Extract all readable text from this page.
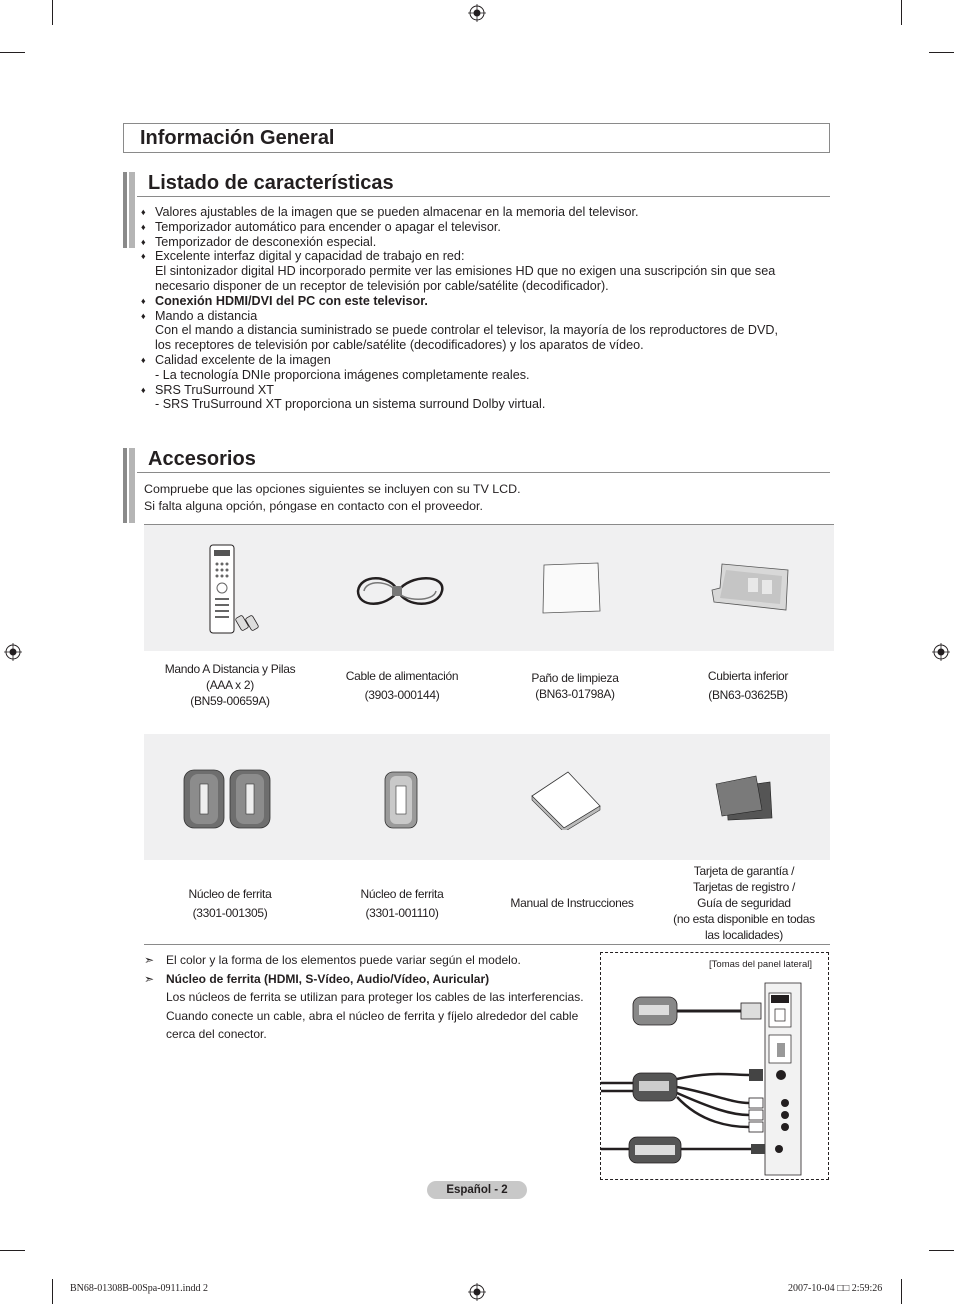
Información General
Listado de características
♦ Valores ajustables de la imagen que se pueden almacenar en la memoria del televisor.
♦ Temporizador automático para encender o apagar el televisor.
♦ Temporizador de desconexión especial.
♦ Excelente interfaz digital y capacidad de trabajo en red:
El sintonizador digital HD incorporado permite ver las emisiones HD que no exigen una suscripción sin que sea
necesario disponer de un receptor de televisión por cable/satélite (decodificador).
♦ Conexión HDMI/DVI del PC con este televisor.
♦ Mando a distancia
Con el mando a distancia suministrado se puede controlar el televisor, la mayoría de los reproductores de DVD,
los receptores de televisión por cable/satélite (decodificadores) y los aparatos de vídeo.
♦ Calidad excelente de la imagen
- La tecnología DNIe proporciona imágenes completamente reales.
♦ SRS TruSurround XT
- SRS TruSurround XT proporciona un sistema surround Dolby virtual.
Accesorios
Compruebe que las opciones siguientes se incluyen con su TV LCD.
Si falta alguna opción, póngase en contacto con el proveedor.
Mando A Distancia y Pilas
(AAA x 2)
(BN59-00659A)
Cable de alimentación
(3903-000144)
Paño de limpieza
(BN63-01798A)
Cubierta inferior
(BN63-03625B)
Núcleo de ferrita
(3301-001305)
Núcleo de ferrita
(3301-001110)
Manual de Instrucciones
Tarjeta de garantía /
Tarjetas de registro /
Guía de seguridad
(no esta disponible en todas
las localidades)
➣ El color y la forma de los elementos puede variar según el modelo.
➣ Núcleo de ferrita (HDMI, S-Vídeo, Audio/Vídeo, Auricular)
Los núcleos de ferrita se utilizan para proteger los cables de las interferencias.
Cuando conecte un cable, abra el núcleo de ferrita y fíjelo alrededor del cable
cerca del conector.
[Tomas del panel lateral]
Español - 2
BN68-01308B-00Spa-0911.indd 2	2007-10-04 □□ 2:59:26
